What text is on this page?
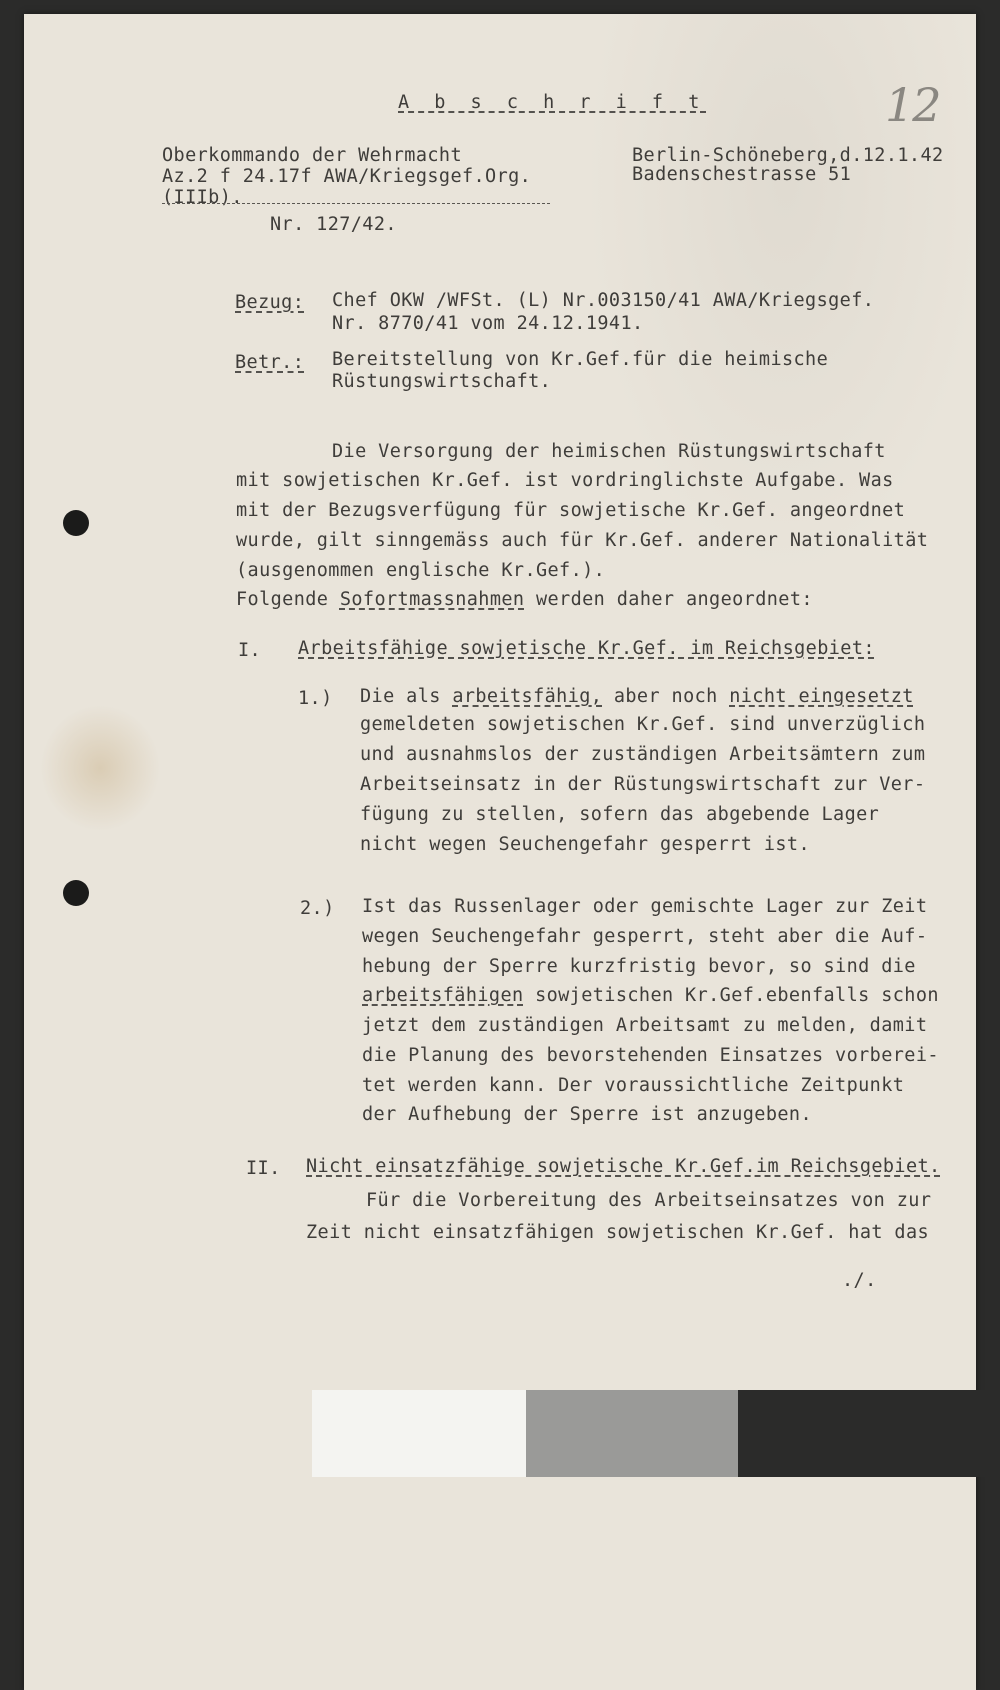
12
A b s c h r i f t
Oberkommando der Wehrmacht
Az.2 f 24.17f AWA/Kriegsgef.Org.
(IIIb).
Nr. 127/42.
Berlin-Schöneberg,d.12.1.42
Badenschestrasse 51
Bezug: Chef OKW /WFSt. (L) Nr.003150/41 AWA/Kriegsgef.
Nr. 8770/41 vom 24.12.1941.
Betr.: Bereitstellung von Kr.Gef.für die heimische
Rüstungswirtschaft.
Die Versorgung der heimischen Rüstungswirtschaft
mit sowjetischen Kr.Gef. ist vordringlichste Aufgabe. Was
mit der Bezugsverfügung für sowjetische Kr.Gef. angeordnet
wurde, gilt sinngemäss auch für Kr.Gef. anderer Nationalität
(ausgenommen englische Kr.Gef.).
Folgende Sofortmassnahmen werden daher angeordnet:
I. Arbeitsfähige sowjetische Kr.Gef. im Reichsgebiet:
1.) Die als arbeitsfähig, aber noch nicht eingesetzt
gemeldeten sowjetischen Kr.Gef. sind unverzüglich
und ausnahmslos der zuständigen Arbeitsämtern zum
Arbeitseinsatz in der Rüstungswirtschaft zur Ver-
fügung zu stellen, sofern das abgebende Lager
nicht wegen Seuchengefahr gesperrt ist.
2.) Ist das Russenlager oder gemischte Lager zur Zeit
wegen Seuchengefahr gesperrt, steht aber die Auf-
hebung der Sperre kurzfristig bevor, so sind die
arbeitsfähigen sowjetischen Kr.Gef.ebenfalls schon
jetzt dem zuständigen Arbeitsamt zu melden, damit
die Planung des bevorstehenden Einsatzes vorberei-
tet werden kann. Der voraussichtliche Zeitpunkt
der Aufhebung der Sperre ist anzugeben.
II. Nicht einsatzfähige sowjetische Kr.Gef.im Reichsgebiet.
Für die Vorbereitung des Arbeitseinsatzes von zur
Zeit nicht einsatzfähigen sowjetischen Kr.Gef. hat das
./.
